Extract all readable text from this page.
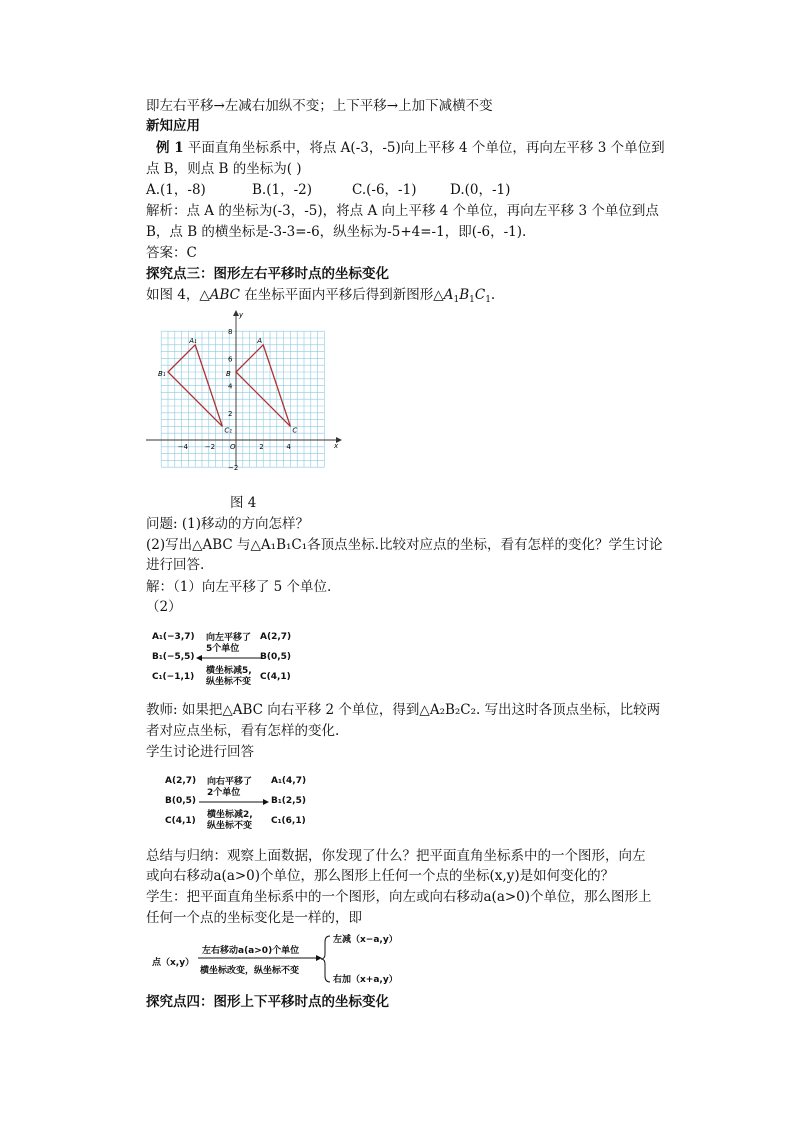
即左右平移→左减右加纵不变；上下平移→上加下减横不变
新知应用
例 1 平面直角坐标系中，将点 A(-3，-5)向上平移 4 个单位，再向左平移 3 个单位到
点 B，则点 B 的坐标为( )
A.(1，-8)	B.(1，-2)	C.(-6，-1) D.(0，-1)
解析：点 A 的坐标为(-3，-5)，将点 A 向上平移 4 个单位，再向左平移 3 个单位到点
B，点 B 的横坐标是-3-3=-6，纵坐标为-5+4=-1，即(-6，-1).
答案：C
探究点三：图形左右平移时点的坐标变化
如图 4，△ABC 在坐标平面内平移后得到新图形$\triangle A_1B_1C_1$.
x
y
O
−4 −2	2	4
8
6
4
2
−2
A
B
C
A₁
B₁
C₁
图 4
问题: (1)移动的方向怎样？
(2)写出△ABC 与△A₁B₁C₁各顶点坐标.比较对应点的坐标，看有怎样的变化？学生讨论
进行回答.
解：（1）向左平移了 5 个单位.
（2）
A₁(−3,7)
B₁(−5,5)
C₁(−1,1)
向左平移了
5个单位
横坐标减5,
纵坐标不变
A(2,7)
B(0,5)
C(4,1)
教师: 如果把△ABC 向右平移 2 个单位，得到△A₂B₂C₂. 写出这时各顶点坐标，比较两
者对应点坐标，看有怎样的变化.
学生讨论进行回答
A(2,7)
B(0,5)
C(4,1)
向右平移了
2个单位
横坐标减2,
纵坐标不变
A₁(4,7)
B₁(2,5)
C₁(6,1)
总结与归纳：观察上面数据，你发现了什么？把平面直角坐标系中的一个图形，向左
或向右移动a(a>0)个单位，那么图形上任何一个点的坐标(x,y)是如何变化的？
学生：把平面直角坐标系中的一个图形，向左或向右移动a(a>0)个单位，那么图形上
任何一个点的坐标变化是一样的，即
点（x,y）
左右移动a(a>0)个单位
横坐标改变，纵坐标不变
左减（x−a,y）
右加（x+a,y）
探究点四：图形上下平移时点的坐标变化
